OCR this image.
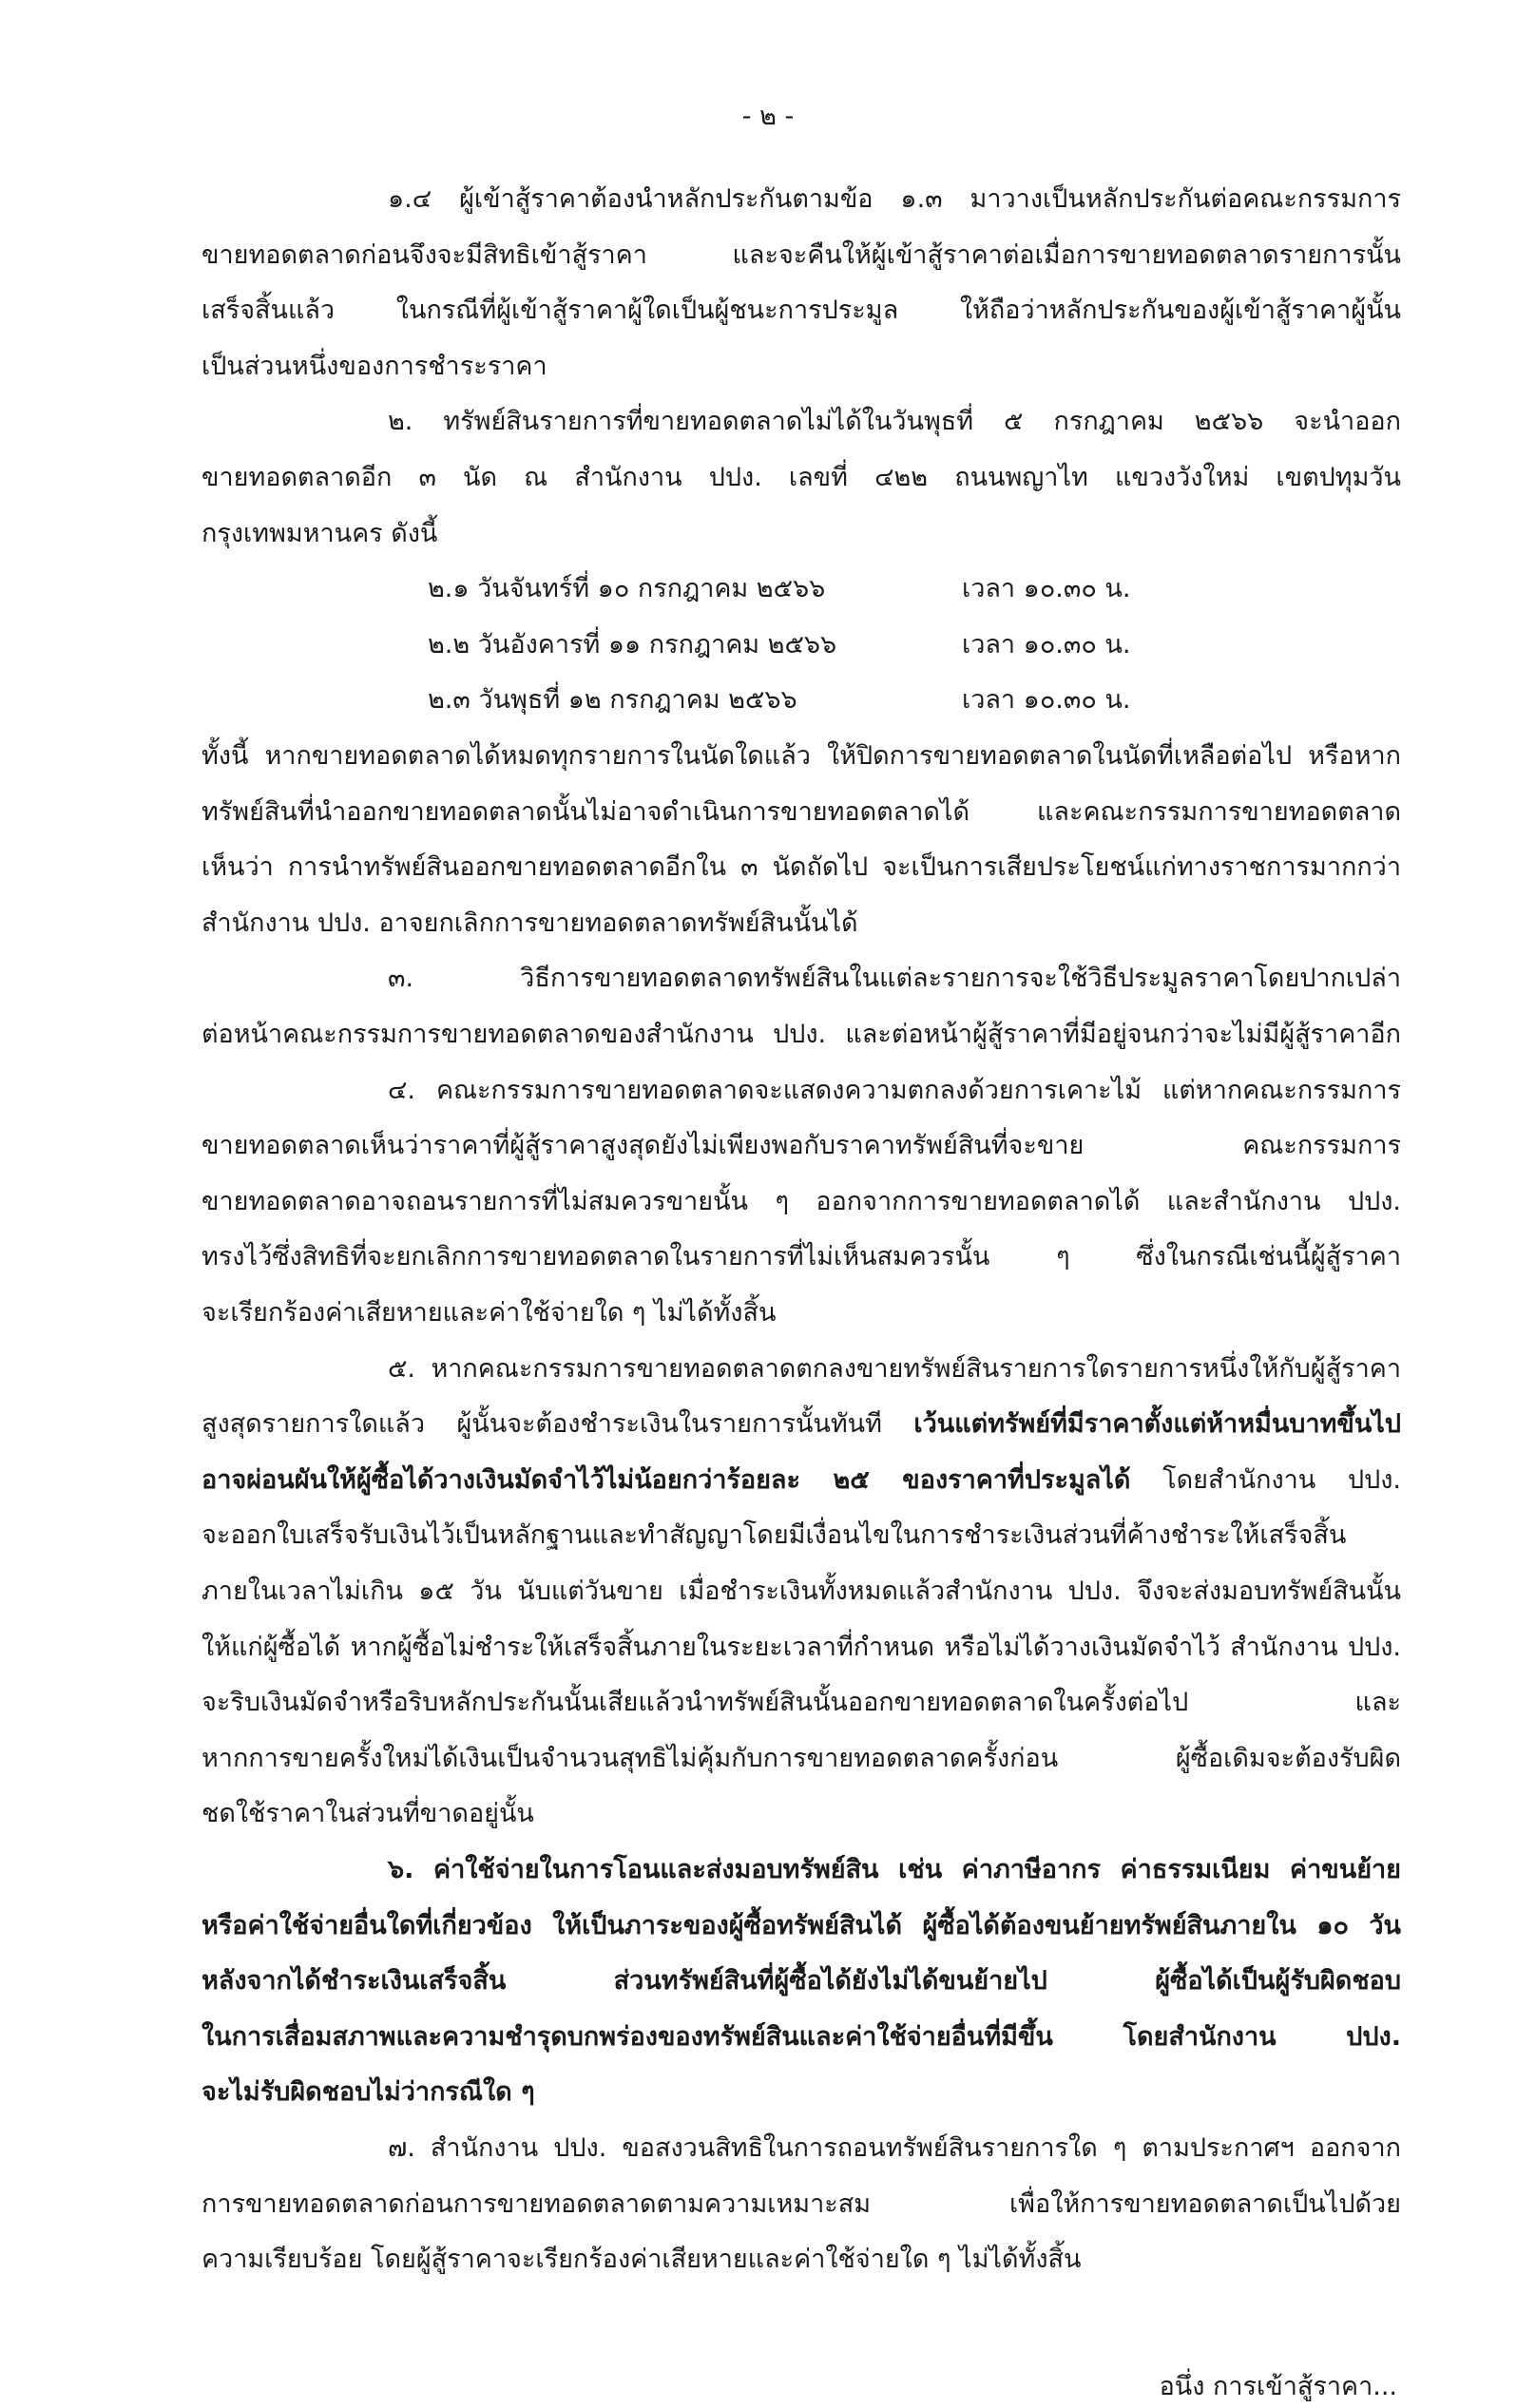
- ๒ -
๑.๔ ผู้เข้าสู้ราคาต้องนำหลักประกันตามข้อ ๑.๓ มาวางเป็นหลักประกันต่อคณะกรรมการ
ขายทอดตลาดก่อนจึงจะมีสิทธิเข้าสู้ราคา และจะคืนให้ผู้เข้าสู้ราคาต่อเมื่อการขายทอดตลาดรายการนั้น
เสร็จสิ้นแล้ว ในกรณีที่ผู้เข้าสู้ราคาผู้ใดเป็นผู้ชนะการประมูล ให้ถือว่าหลักประกันของผู้เข้าสู้ราคาผู้นั้น
เป็นส่วนหนึ่งของการชำระราคา
๒. ทรัพย์สินรายการที่ขายทอดตลาดไม่ได้ในวันพุธที่ ๕ กรกฎาคม ๒๕๖๖ จะนำออก
ขายทอดตลาดอีก ๓ นัด ณ สำนักงาน ปปง. เลขที่ ๔๒๒ ถนนพญาไท แขวงวังใหม่ เขตปทุมวัน
กรุงเทพมหานคร ดังนี้
๒.๑ วันจันทร์ที่ ๑๐ กรกฎาคม ๒๕๖๖	เวลา ๑๐.๓๐ น.
๒.๒ วันอังคารที่ ๑๑ กรกฎาคม ๒๕๖๖	เวลา ๑๐.๓๐ น.
๒.๓ วันพุธที่ ๑๒ กรกฎาคม ๒๕๖๖	เวลา ๑๐.๓๐ น.
ทั้งนี้ หากขายทอดตลาดได้หมดทุกรายการในนัดใดแล้ว ให้ปิดการขายทอดตลาดในนัดที่เหลือต่อไป หรือหาก
ทรัพย์สินที่นำออกขายทอดตลาดนั้นไม่อาจดำเนินการขายทอดตลาดได้ และคณะกรรมการขายทอดตลาด
เห็นว่า การนำทรัพย์สินออกขายทอดตลาดอีกใน ๓ นัดถัดไป จะเป็นการเสียประโยชน์แก่ทางราชการมากกว่า
สำนักงาน ปปง. อาจยกเลิกการขายทอดตลาดทรัพย์สินนั้นได้
๓. วิธีการขายทอดตลาดทรัพย์สินในแต่ละรายการจะใช้วิธีประมูลราคาโดยปากเปล่า
ต่อหน้าคณะกรรมการขายทอดตลาดของสำนักงาน ปปง. และต่อหน้าผู้สู้ราคาที่มีอยู่จนกว่าจะไม่มีผู้สู้ราคาอีก
๔. คณะกรรมการขายทอดตลาดจะแสดงความตกลงด้วยการเคาะไม้ แต่หากคณะกรรมการ
ขายทอดตลาดเห็นว่าราคาที่ผู้สู้ราคาสูงสุดยังไม่เพียงพอกับราคาทรัพย์สินที่จะขาย คณะกรรมการ
ขายทอดตลาดอาจถอนรายการที่ไม่สมควรขายนั้น ๆ ออกจากการขายทอดตลาดได้ และสำนักงาน ปปง.
ทรงไว้ซึ่งสิทธิที่จะยกเลิกการขายทอดตลาดในรายการที่ไม่เห็นสมควรนั้น ๆ ซึ่งในกรณีเช่นนี้ผู้สู้ราคา
จะเรียกร้องค่าเสียหายและค่าใช้จ่ายใด ๆ ไม่ได้ทั้งสิ้น
๕. หากคณะกรรมการขายทอดตลาดตกลงขายทรัพย์สินรายการใดรายการหนึ่งให้กับผู้สู้ราคา
สูงสุดรายการใดแล้ว ผู้นั้นจะต้องชำระเงินในรายการนั้นทันที เว้นแต่ทรัพย์ที่มีราคาตั้งแต่ห้าหมื่นบาทขึ้นไป
อาจผ่อนผันให้ผู้ซื้อได้วางเงินมัดจำไว้ไม่น้อยกว่าร้อยละ ๒๕ ของราคาที่ประมูลได้ โดยสำนักงาน ปปง.
จะออกใบเสร็จรับเงินไว้เป็นหลักฐานและทำสัญญาโดยมีเงื่อนไขในการชำระเงินส่วนที่ค้างชำระให้เสร็จสิ้น
ภายในเวลาไม่เกิน ๑๕ วัน นับแต่วันขาย เมื่อชำระเงินทั้งหมดแล้วสำนักงาน ปปง. จึงจะส่งมอบทรัพย์สินนั้น
ให้แก่ผู้ซื้อได้ หากผู้ซื้อไม่ชำระให้เสร็จสิ้นภายในระยะเวลาที่กำหนด หรือไม่ได้วางเงินมัดจำไว้ สำนักงาน ปปง.
จะริบเงินมัดจำหรือริบหลักประกันนั้นเสียแล้วนำทรัพย์สินนั้นออกขายทอดตลาดในครั้งต่อไป และ
หากการขายครั้งใหม่ได้เงินเป็นจำนวนสุทธิไม่คุ้มกับการขายทอดตลาดครั้งก่อน ผู้ซื้อเดิมจะต้องรับผิด
ชดใช้ราคาในส่วนที่ขาดอยู่นั้น
๖. ค่าใช้จ่ายในการโอนและส่งมอบทรัพย์สิน เช่น ค่าภาษีอากร ค่าธรรมเนียม ค่าขนย้าย
หรือค่าใช้จ่ายอื่นใดที่เกี่ยวข้อง ให้เป็นภาระของผู้ซื้อทรัพย์สินได้ ผู้ซื้อได้ต้องขนย้ายทรัพย์สินภายใน ๑๐ วัน
หลังจากได้ชำระเงินเสร็จสิ้น ส่วนทรัพย์สินที่ผู้ซื้อได้ยังไม่ได้ขนย้ายไป ผู้ซื้อได้เป็นผู้รับผิดชอบ
ในการเสื่อมสภาพและความชำรุดบกพร่องของทรัพย์สินและค่าใช้จ่ายอื่นที่มีขึ้น โดยสำนักงาน ปปง.
จะไม่รับผิดชอบไม่ว่ากรณีใด ๆ
๗. สำนักงาน ปปง. ขอสงวนสิทธิในการถอนทรัพย์สินรายการใด ๆ ตามประกาศฯ ออกจาก
การขายทอดตลาดก่อนการขายทอดตลาดตามความเหมาะสม เพื่อให้การขายทอดตลาดเป็นไปด้วย
ความเรียบร้อย โดยผู้สู้ราคาจะเรียกร้องค่าเสียหายและค่าใช้จ่ายใด ๆ ไม่ได้ทั้งสิ้น
อนึ่ง การเข้าสู้ราคา...
